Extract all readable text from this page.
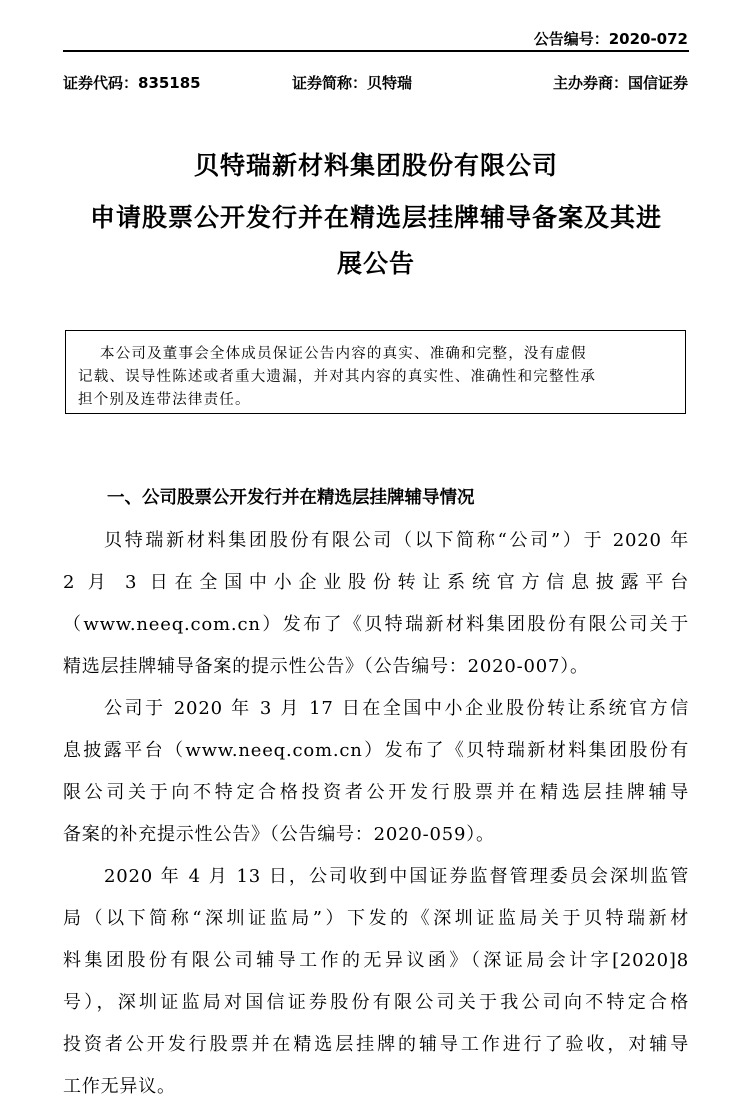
公告编号：2020-072
证券代码：835185	证券简称：贝特瑞	主办券商：国信证券
贝特瑞新材料集团股份有限公司
申请股票公开发行并在精选层挂牌辅导备案及其进
展公告
本公司及董事会全体成员保证公告内容的真实、准确和完整，没有虚假
记载、误导性陈述或者重大遗漏，并对其内容的真实性、准确性和完整性承
担个别及连带法律责任。
一、公司股票公开发行并在精选层挂牌辅导情况
贝特瑞新材料集团股份有限公司（以下简称“公司”）于 2020 年
2 月 3 日在全国中小企业股份转让系统官方信息披露平台
（www.neeq.com.cn）发布了《贝特瑞新材料集团股份有限公司关于
精选层挂牌辅导备案的提示性公告》（公告编号：2020-007）。
公司于 2020 年 3 月 17 日在全国中小企业股份转让系统官方信
息披露平台（www.neeq.com.cn）发布了《贝特瑞新材料集团股份有
限公司关于向不特定合格投资者公开发行股票并在精选层挂牌辅导
备案的补充提示性公告》（公告编号：2020-059）。
2020 年 4 月 13 日，公司收到中国证券监督管理委员会深圳监管
局（以下简称“深圳证监局”）下发的《深圳证监局关于贝特瑞新材
料集团股份有限公司辅导工作的无异议函》（深证局会计字[2020]8
号），深圳证监局对国信证券股份有限公司关于我公司向不特定合格
投资者公开发行股票并在精选层挂牌的辅导工作进行了验收，对辅导
工作无异议。
